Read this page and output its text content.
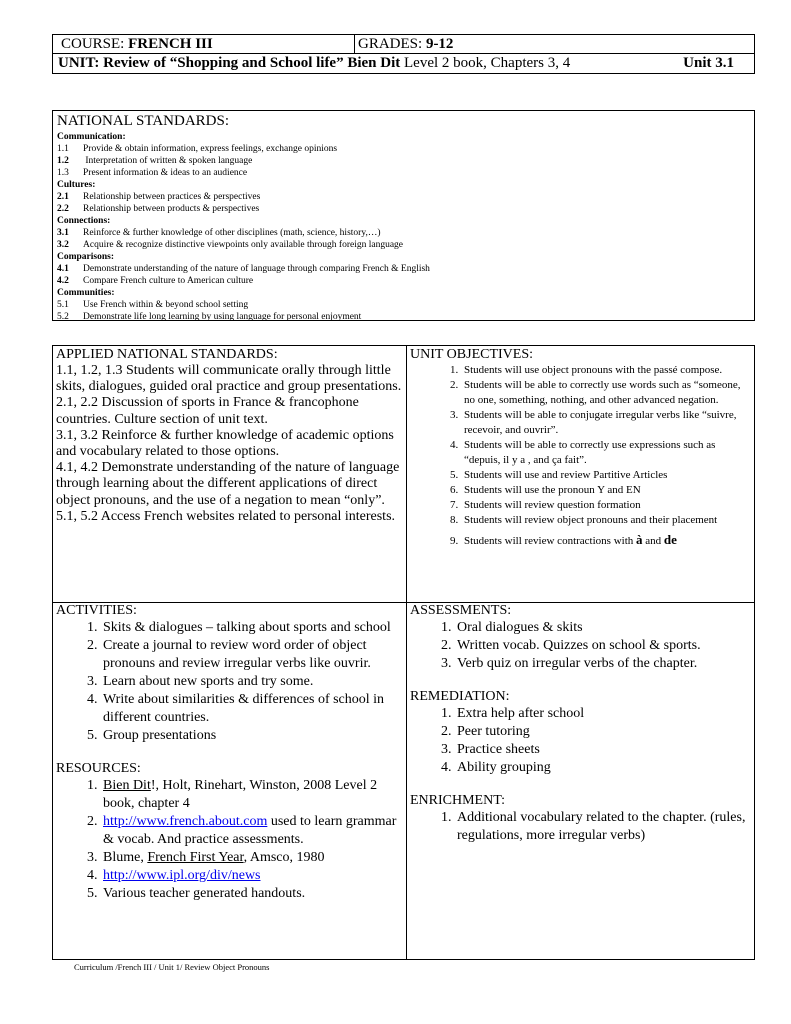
COURSE: FRENCH III	GRADES: 9-12
UNIT: Review of “Shopping and School life” Bien Dit Level 2 book, Chapters 3, 4	Unit 3.1
NATIONAL STANDARDS:
Communication:
1.1 Provide & obtain information, express feelings, exchange opinions
1.2 Interpretation of written & spoken language
1.3 Present information & ideas to an audience
Cultures:
2.1 Relationship between practices & perspectives
2.2 Relationship between products & perspectives
Connections:
3.1 Reinforce & further knowledge of other disciplines (math, science, history,…)
3.2 Acquire & recognize distinctive viewpoints only available through foreign language
Comparisons:
4.1 Demonstrate understanding of the nature of language through comparing French & English
4.2 Compare French culture to American culture
Communities:
5.1 Use French within & beyond school setting
5.2 Demonstrate life long learning by using language for personal enjoyment
APPLIED NATIONAL STANDARDS:
1.1, 1.2, 1.3 Students will communicate orally through little skits, dialogues, guided oral practice and group presentations.
2.1, 2.2 Discussion of sports in France & francophone countries. Culture section of unit text.
3.1, 3.2 Reinforce & further knowledge of academic options and vocabulary related to those options.
4.1, 4.2 Demonstrate understanding of the nature of language through learning about the different applications of direct object pronouns, and the use of a negation to mean “only”.
5.1, 5.2 Access French websites related to personal interests.
UNIT OBJECTIVES:
1. Students will use object pronouns with the passé compose.
2. Students will be able to correctly use words such as “someone, no one, something, nothing, and other advanced negation.
3. Students will be able to conjugate irregular verbs like “suivre, recevoir, and ouvrir”.
4. Students will be able to correctly use expressions such as “depuis, il y a , and ça fait”.
5. Students will use and review Partitive Articles
6. Students will use the pronoun Y and EN
7. Students will review question formation
8. Students will review object pronouns and their placement
9. Students will review contractions with à and de
ACTIVITIES:
1. Skits & dialogues – talking about sports and school
2. Create a journal to review word order of object pronouns and review irregular verbs like ouvrir.
3. Learn about new sports and try some.
4. Write about similarities & differences of school in different countries.
5. Group presentations
RESOURCES:
1. Bien Dit!, Holt, Rinehart, Winston, 2008 Level 2 book, chapter 4
2. http://www.french.about.com used to learn grammar & vocab. And practice assessments.
3. Blume, French First Year, Amsco, 1980
4. http://www.ipl.org/div/news
5. Various teacher generated handouts.
ASSESSMENTS:
1. Oral dialogues & skits
2. Written vocab. Quizzes on school & sports.
3. Verb quiz on irregular verbs of the chapter.
REMEDIATION:
1. Extra help after school
2. Peer tutoring
3. Practice sheets
4. Ability grouping
ENRICHMENT:
1. Additional vocabulary related to the chapter. (rules, regulations, more irregular verbs)
Curriculum /French III / Unit 1/ Review Object Pronouns
